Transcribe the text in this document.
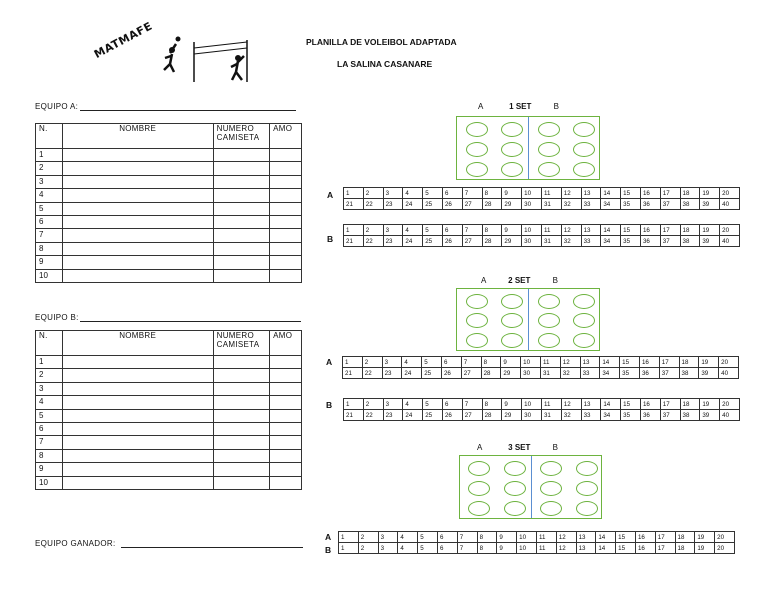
MATMAFE	PLANILLA DE VOLEIBOL ADAPTADA
LA SALINA CASANARE
EQUIPO A:
N.	NOMBRE	NUMERO CAMISETA	AMO
1			
2			
3			
4			
5			
6			
7			
8			
9			
10			
EQUIPO B:
N.	NOMBRE	NUMERO CAMISETA	AMO
1			
2			
3			
4			
5			
6			
7			
8			
9			
10			
EQUIPO GANADOR:
A	1 SET	B
A 1	2	3	4	5	6	7	8	9	10	11	12	13	14	15	16	17	18	19	20
21	22	23	24	25	26	27	28	29	30	31	32	33	34	35	36	37	38	39	40
B
1	2	3	4	5	6	7	8	9	10	11	12	13	14	15	16	17	18	19	20
21	22	23	24	25	26	27	28	29	30	31	32	33	34	35	36	37	38	39	40
A	2 SET	B
A 1	2	3	4	5	6	7	8	9	10	11	12	13	14	15	16	17	18	19	20
21	22	23	24	25	26	27	28	29	30	31	32	33	34	35	36	37	38	39	40
B 1	2	3	4	5	6	7	8	9	10	11	12	13	14	15	16	17	18	19	20
21	22	23	24	25	26	27	28	29	30	31	32	33	34	35	36	37	38	39	40
A	3 SET	B
A
B
1	2	3	4	5	6	7	8	9	10	11	12	13	14	15	16	17	18	19	20
1	2	3	4	5	6	7	8	9	10	11	12	13	14	15	16	17	18	19	20
